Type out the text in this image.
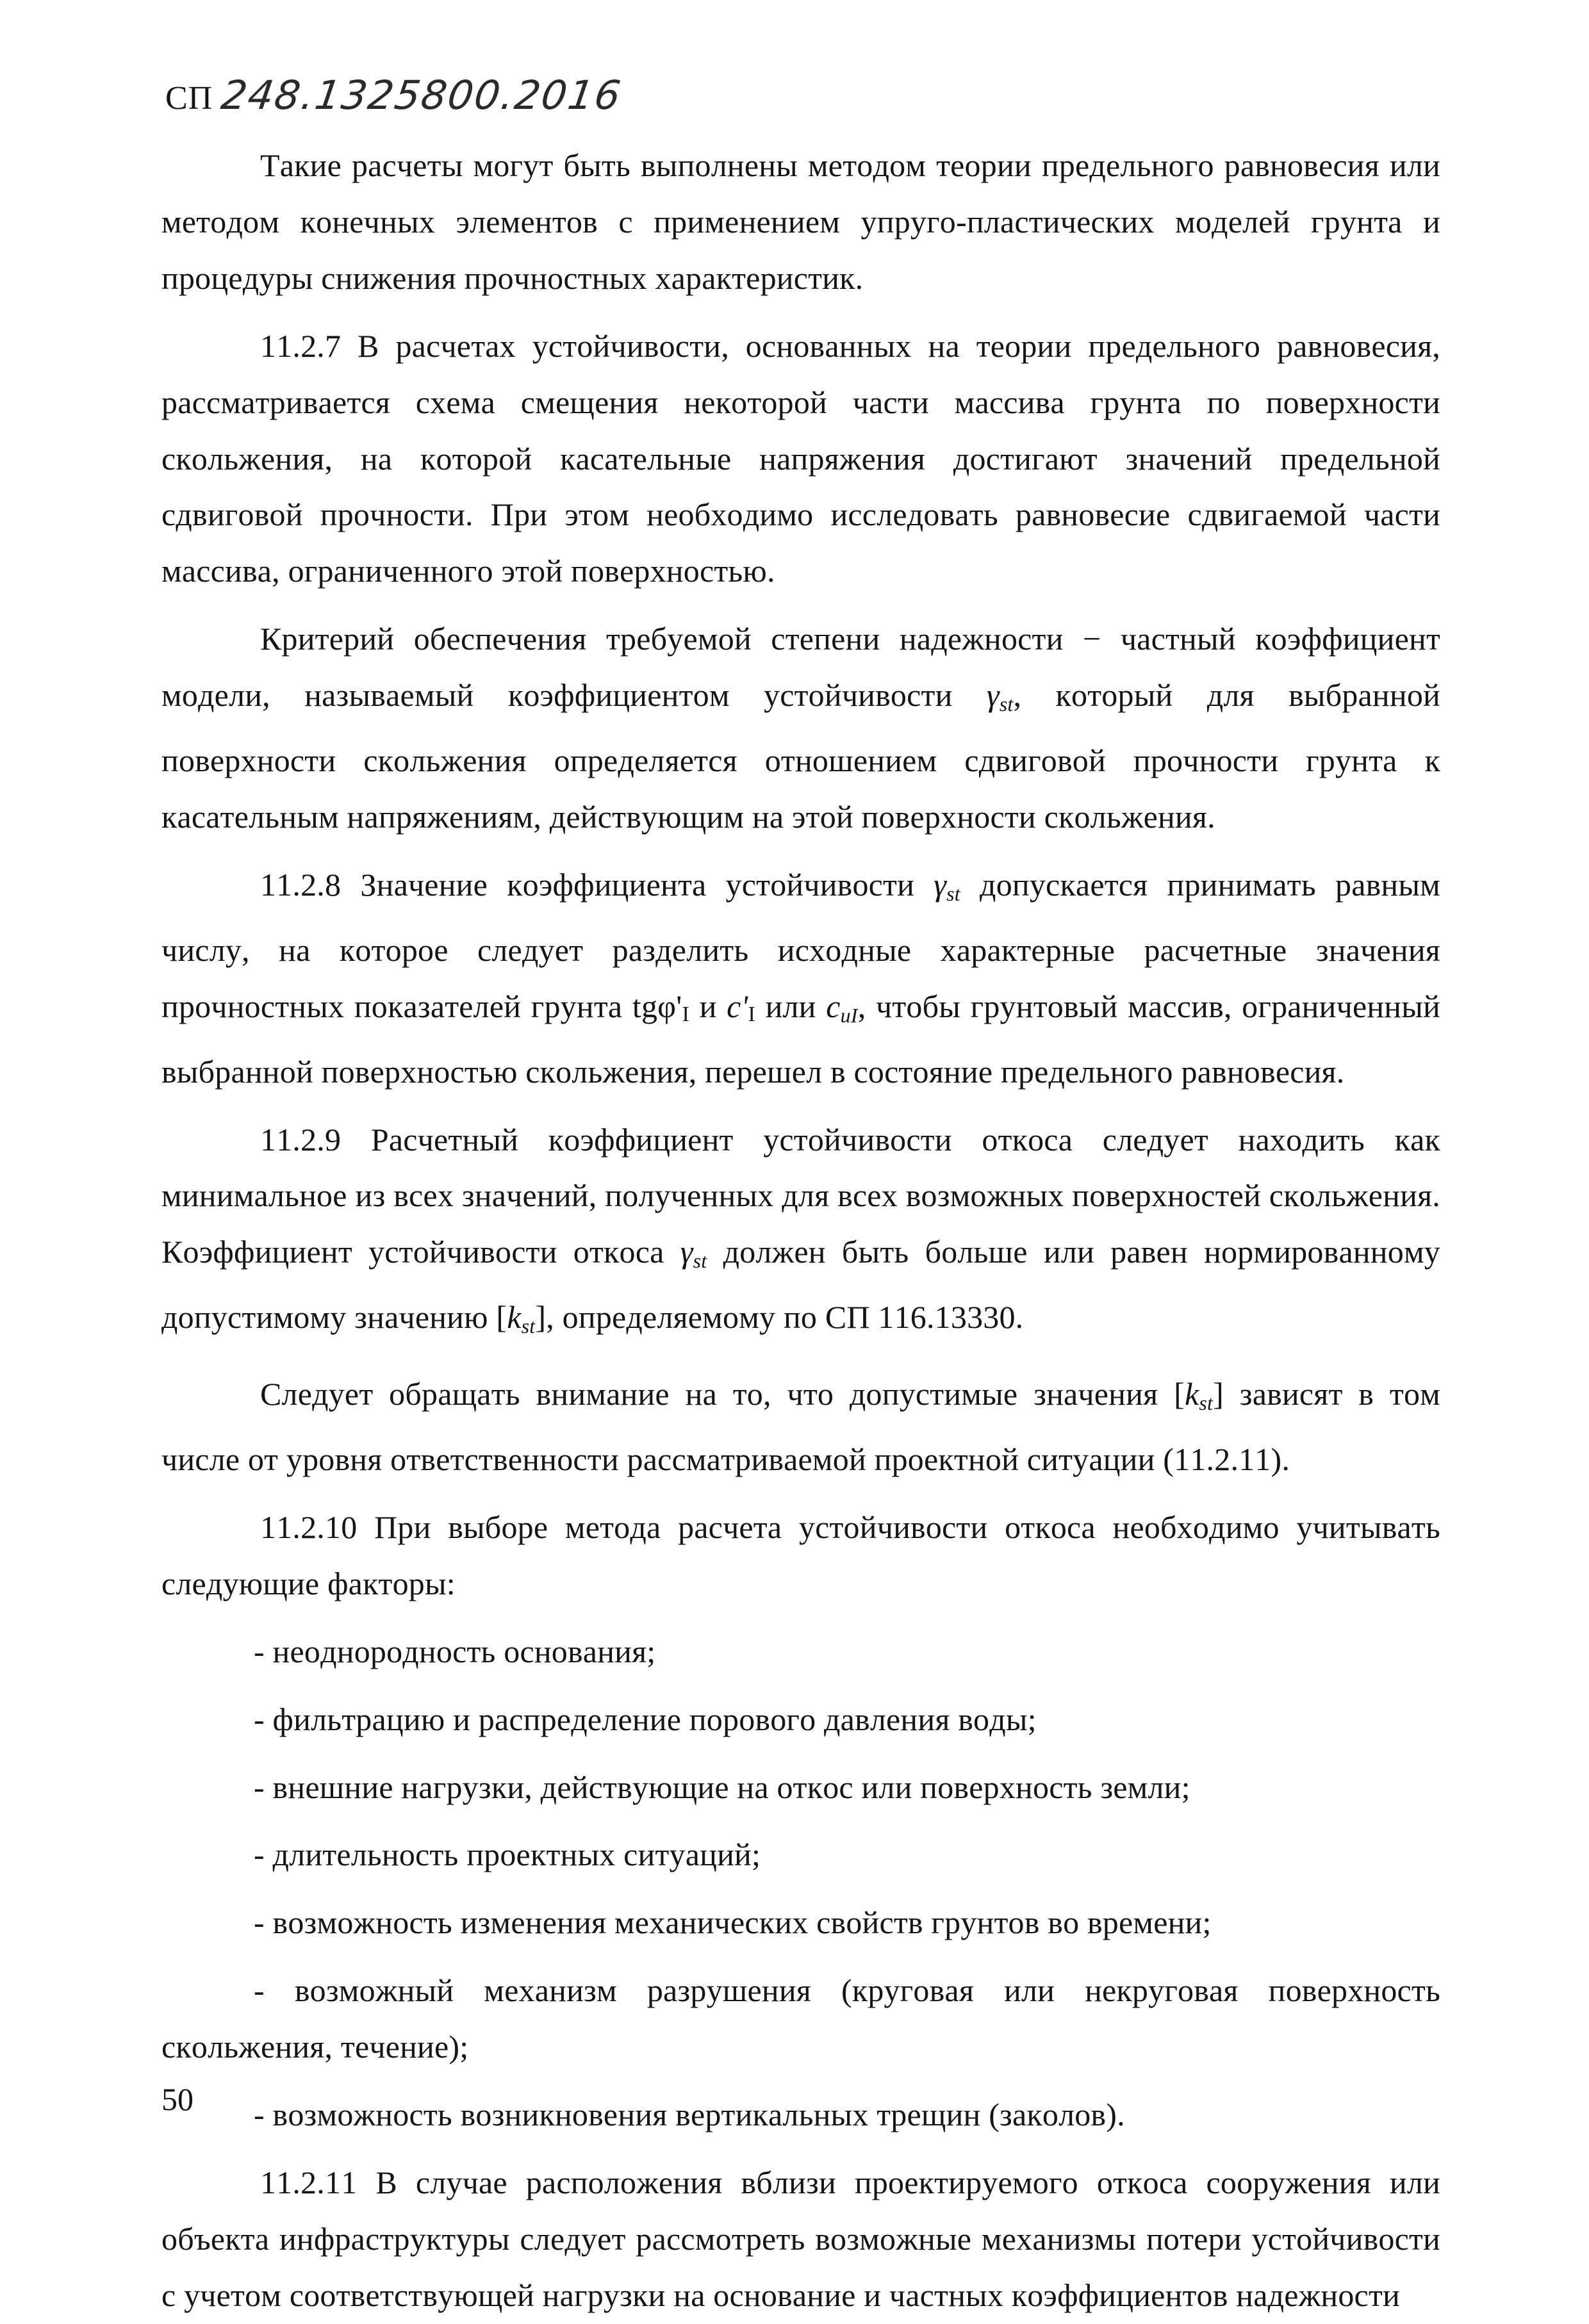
СП 248.1325800.2016

Такие расчеты могут быть выполнены методом теории предельного равновесия или методом конечных элементов с применением упруго-пластических моделей грунта и процедуры снижения прочностных характеристик.

11.2.7 В расчетах устойчивости, основанных на теории предельного равновесия, рассматривается схема смещения некоторой части массива грунта по поверхности скольжения, на которой касательные напряжения достигают значений предельной сдвиговой прочности. При этом необходимо исследовать равновесие сдвигаемой части массива, ограниченного этой поверхностью.

Критерий обеспечения требуемой степени надежности − частный коэффициент модели, называемый коэффициентом устойчивости $\gamma_{st}$, который для выбранной поверхности скольжения определяется отношением сдвиговой прочности грунта к касательным напряжениям, действующим на этой поверхности скольжения.

11.2.8 Значение коэффициента устойчивости $\gamma_{st}$ допускается принимать равным числу, на которое следует разделить исходные характерные расчетные значения прочностных показателей грунта tgφ'I и c'I или $c_{uI}$, чтобы грунтовый массив, ограниченный выбранной поверхностью скольжения, перешел в состояние предельного равновесия.

11.2.9 Расчетный коэффициент устойчивости откоса следует находить как минимальное из всех значений, полученных для всех возможных поверхностей скольжения. Коэффициент устойчивости откоса $\gamma_{st}$ должен быть больше или равен нормированному допустимому значению $[k_{st}]$, определяемому по СП 116.13330.

Следует обращать внимание на то, что допустимые значения $[k_{st}]$ зависят в том числе от уровня ответственности рассматриваемой проектной ситуации (11.2.11).

11.2.10 При выборе метода расчета устойчивости откоса необходимо учитывать следующие факторы:

- неоднородность основания;

- фильтрацию и распределение порового давления воды;

- внешние нагрузки, действующие на откос или поверхность земли;

- длительность проектных ситуаций;

- возможность изменения механических свойств грунтов во времени;

- возможный механизм разрушения (круговая или некруговая поверхность скольжения, течение);

- возможность возникновения вертикальных трещин (заколов).

11.2.11 В случае расположения вблизи проектируемого откоса сооружения или объекта инфраструктуры следует рассмотреть возможные механизмы потери устойчивости с учетом соответствующей нагрузки на основание и частных коэффициентов надежности

50
